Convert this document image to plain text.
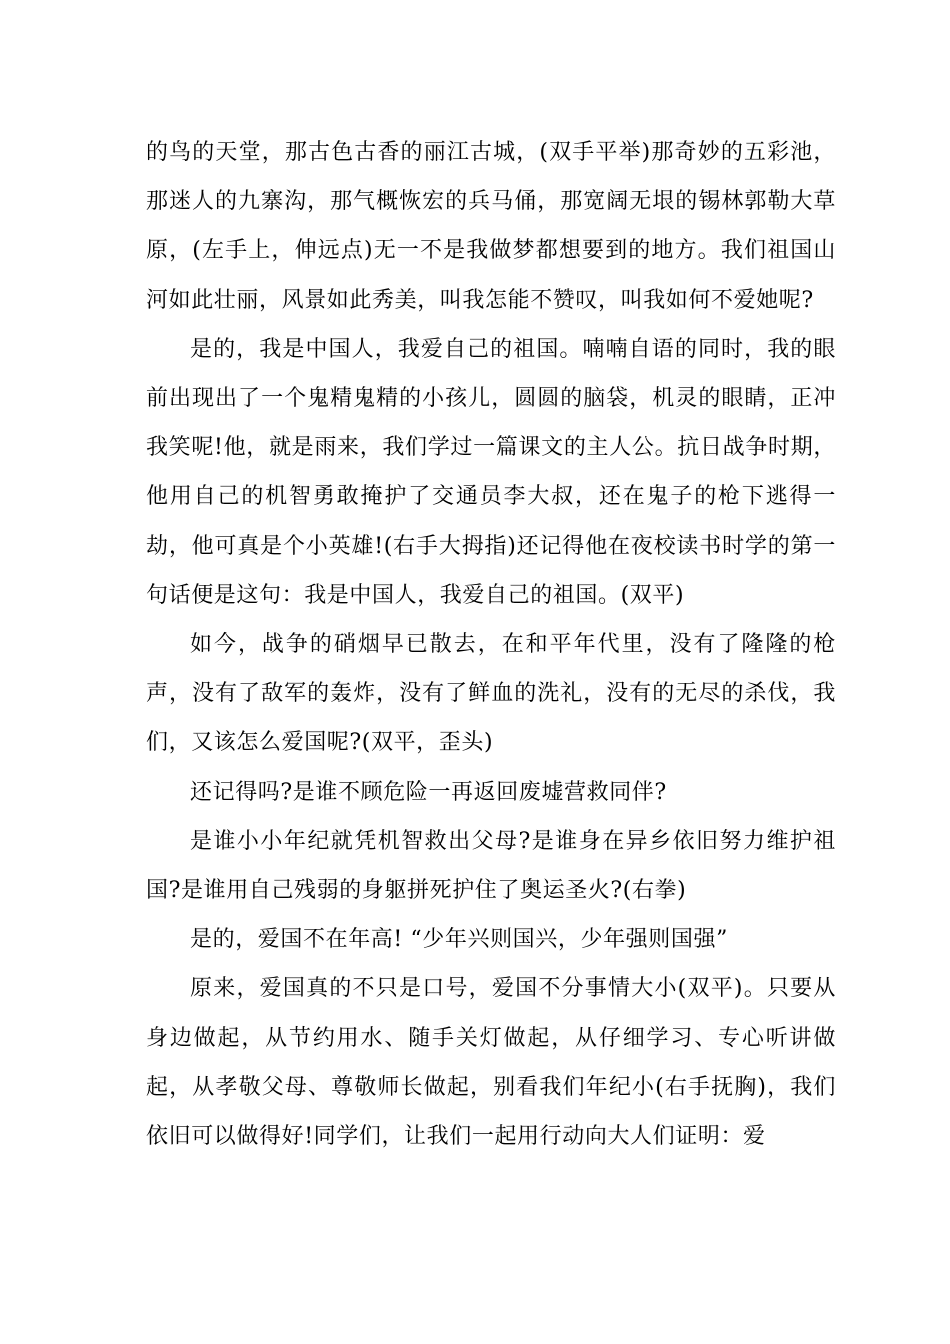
的鸟的天堂，那古色古香的丽江古城，(双手平举)那奇妙的五彩池，那迷人的九寨沟，那气概恢宏的兵马俑，那宽阔无垠的锡林郭勒大草原，(左手上，伸远点)无一不是我做梦都想要到的地方。我们祖国山河如此壮丽，风景如此秀美，叫我怎能不赞叹，叫我如何不爱她呢?

是的，我是中国人，我爱自己的祖国。喃喃自语的同时，我的眼前出现出了一个鬼精鬼精的小孩儿，圆圆的脑袋，机灵的眼睛，正冲我笑呢!他，就是雨来，我们学过一篇课文的主人公。抗日战争时期，他用自己的机智勇敢掩护了交通员李大叔，还在鬼子的枪下逃得一劫，他可真是个小英雄!(右手大拇指)还记得他在夜校读书时学的第一句话便是这句：我是中国人，我爱自己的祖国。(双平)

如今，战争的硝烟早已散去，在和平年代里，没有了隆隆的枪声，没有了敌军的轰炸，没有了鲜血的洗礼，没有的无尽的杀伐，我们，又该怎么爱国呢?(双平，歪头)

还记得吗?是谁不顾危险一再返回废墟营救同伴?

是谁小小年纪就凭机智救出父母?是谁身在异乡依旧努力维护祖国?是谁用自己残弱的身躯拼死护住了奥运圣火?(右拳)

是的，爱国不在年高! “少年兴则国兴，少年强则国强”

原来，爱国真的不只是口号，爱国不分事情大小(双平)。只要从身边做起，从节约用水、随手关灯做起，从仔细学习、专心听讲做起，从孝敬父母、尊敬师长做起，别看我们年纪小(右手抚胸)，我们依旧可以做得好!同学们，让我们一起用行动向大人们证明：爱
